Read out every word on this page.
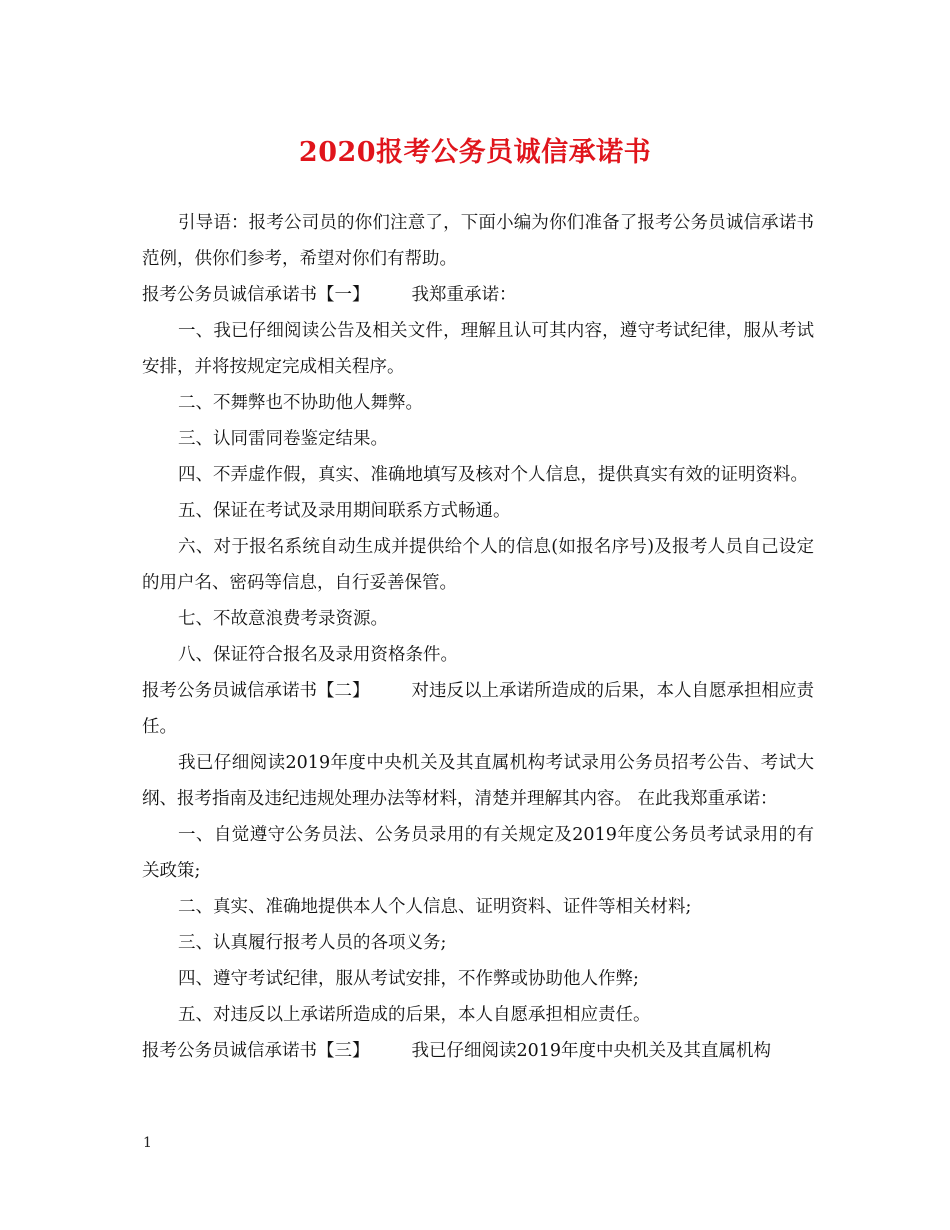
2020报考公务员诚信承诺书

引导语：报考公司员的你们注意了，下面小编为你们准备了报考公务员诚信承诺书范例，供你们参考，希望对你们有帮助。

报考公务员诚信承诺书【一】 我郑重承诺：

一、我已仔细阅读公告及相关文件，理解且认可其内容，遵守考试纪律，服从考试安排，并将按规定完成相关程序。

二、不舞弊也不协助他人舞弊。

三、认同雷同卷鉴定结果。

四、不弄虚作假，真实、准确地填写及核对个人信息，提供真实有效的证明资料。

五、保证在考试及录用期间联系方式畅通。

六、对于报名系统自动生成并提供给个人的信息(如报名序号)及报考人员自己设定的用户名、密码等信息，自行妥善保管。

七、不故意浪费考录资源。

八、保证符合报名及录用资格条件。

报考公务员诚信承诺书【二】 对违反以上承诺所造成的后果，本人自愿承担相应责任。

我已仔细阅读2019年度中央机关及其直属机构考试录用公务员招考公告、考试大纲、报考指南及违纪违规处理办法等材料，清楚并理解其内容。 在此我郑重承诺：

一、自觉遵守公务员法、公务员录用的有关规定及2019年度公务员考试录用的有关政策;

二、真实、准确地提供本人个人信息、证明资料、证件等相关材料;

三、认真履行报考人员的各项义务;

四、遵守考试纪律，服从考试安排，不作弊或协助他人作弊;

五、对违反以上承诺所造成的后果，本人自愿承担相应责任。

报考公务员诚信承诺书【三】 我已仔细阅读2019年度中央机关及其直属机构

1
